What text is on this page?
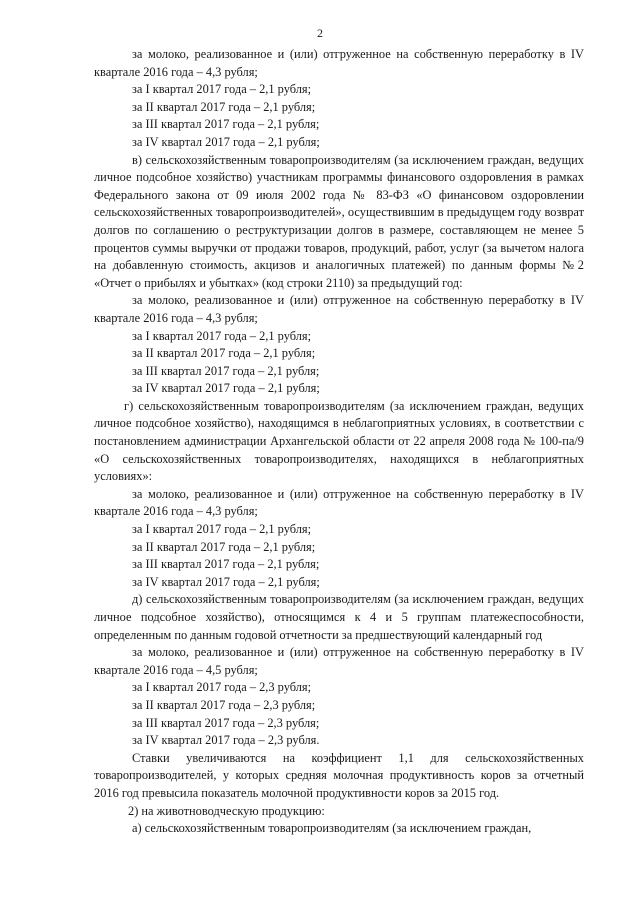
2

за молоко, реализованное и (или) отгруженное на собственную переработку в IV квартале 2016 года – 4,3 рубля;

за I квартал 2017 года – 2,1 рубля;

за II квартал 2017 года – 2,1 рубля;

за III квартал 2017 года – 2,1 рубля;

за IV квартал 2017 года – 2,1 рубля;

в) сельскохозяйственным товаропроизводителям (за исключением граждан, ведущих личное подсобное хозяйство) участникам программы финансового оздоровления в рамках Федерального закона от 09 июля 2002 года № 83-ФЗ «О финансовом оздоровлении сельскохозяйственных товаропроизводителей», осуществившим в предыдущем году возврат долгов по соглашению о реструктуризации долгов в размере, составляющем не менее 5 процентов суммы выручки от продажи товаров, продукций, работ, услуг (за вычетом налога на добавленную стоимость, акцизов и аналогичных платежей) по данным формы №2 «Отчет о прибылях и убытках» (код строки 2110) за предыдущий год:

за молоко, реализованное и (или) отгруженное на собственную переработку в IV квартале 2016 года – 4,3 рубля;

за I квартал 2017 года – 2,1 рубля;

за II квартал 2017 года – 2,1 рубля;

за III квартал 2017 года – 2,1 рубля;

за IV квартал 2017 года – 2,1 рубля;

г) сельскохозяйственным товаропроизводителям (за исключением граждан, ведущих личное подсобное хозяйство), находящимся в неблагоприятных условиях, в соответствии с постановлением администрации Архангельской области от 22 апреля 2008 года № 100-па/9 «О сельскохозяйственных товаропроизводителях, находящихся в неблагоприятных условиях»:

за молоко, реализованное и (или) отгруженное на собственную переработку в IV квартале 2016 года – 4,3 рубля;

за I квартал 2017 года – 2,1 рубля;

за II квартал 2017 года – 2,1 рубля;

за III квартал 2017 года – 2,1 рубля;

за IV квартал 2017 года – 2,1 рубля;

д) сельскохозяйственным товаропроизводителям (за исключением граждан, ведущих личное подсобное хозяйство), относящимся к 4 и 5 группам платежеспособности, определенным по данным годовой отчетности за предшествующий календарный год

за молоко, реализованное и (или) отгруженное на собственную переработку в IV квартале 2016 года – 4,5 рубля;

за I квартал 2017 года – 2,3 рубля;

за II квартал 2017 года – 2,3 рубля;

за III квартал 2017 года – 2,3 рубля;

за IV квартал 2017 года – 2,3 рубля.

Ставки увеличиваются на коэффициент 1,1 для сельскохозяйственных товаропроизводителей, у которых средняя молочная продуктивность коров за отчетный 2016 год превысила показатель молочной продуктивности коров за 2015 год.

2) на животноводческую продукцию:

а) сельскохозяйственным товаропроизводителям (за исключением граждан,
